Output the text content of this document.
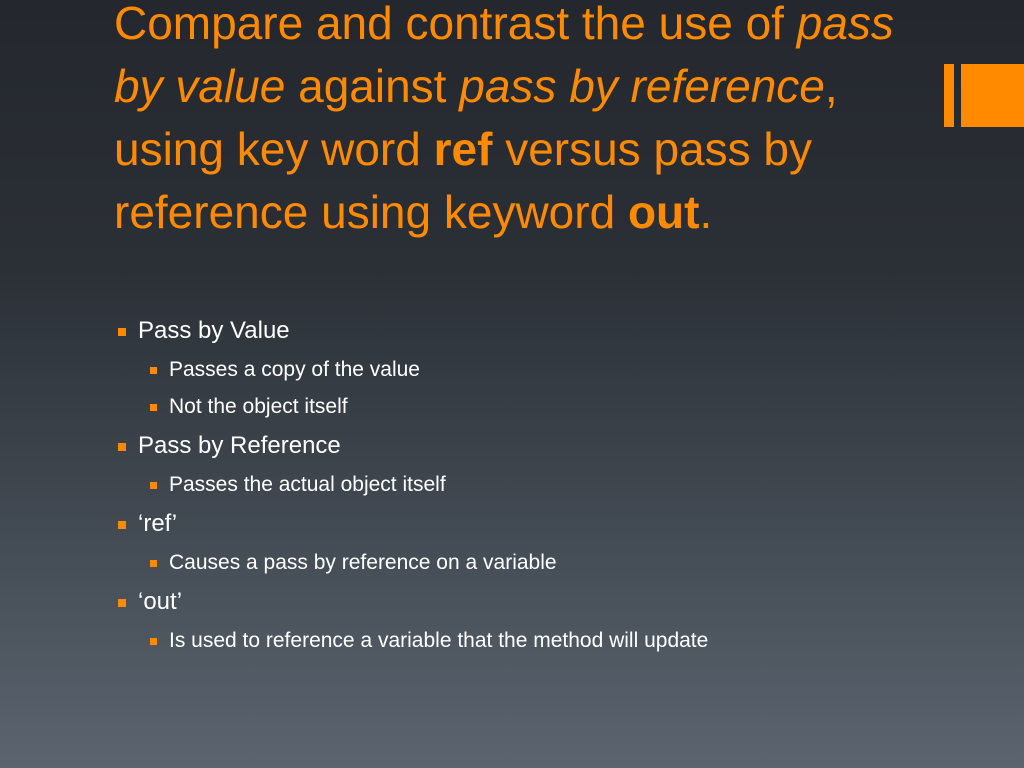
Compare and contrast the use of pass by value against pass by reference, using key word ref versus pass by reference using keyword out.
Pass by Value
Passes a copy of the value
Not the object itself
Pass by Reference
Passes the actual object itself
‘ref’
Causes a pass by reference on a variable
‘out’
Is used to reference a variable that the method will update
